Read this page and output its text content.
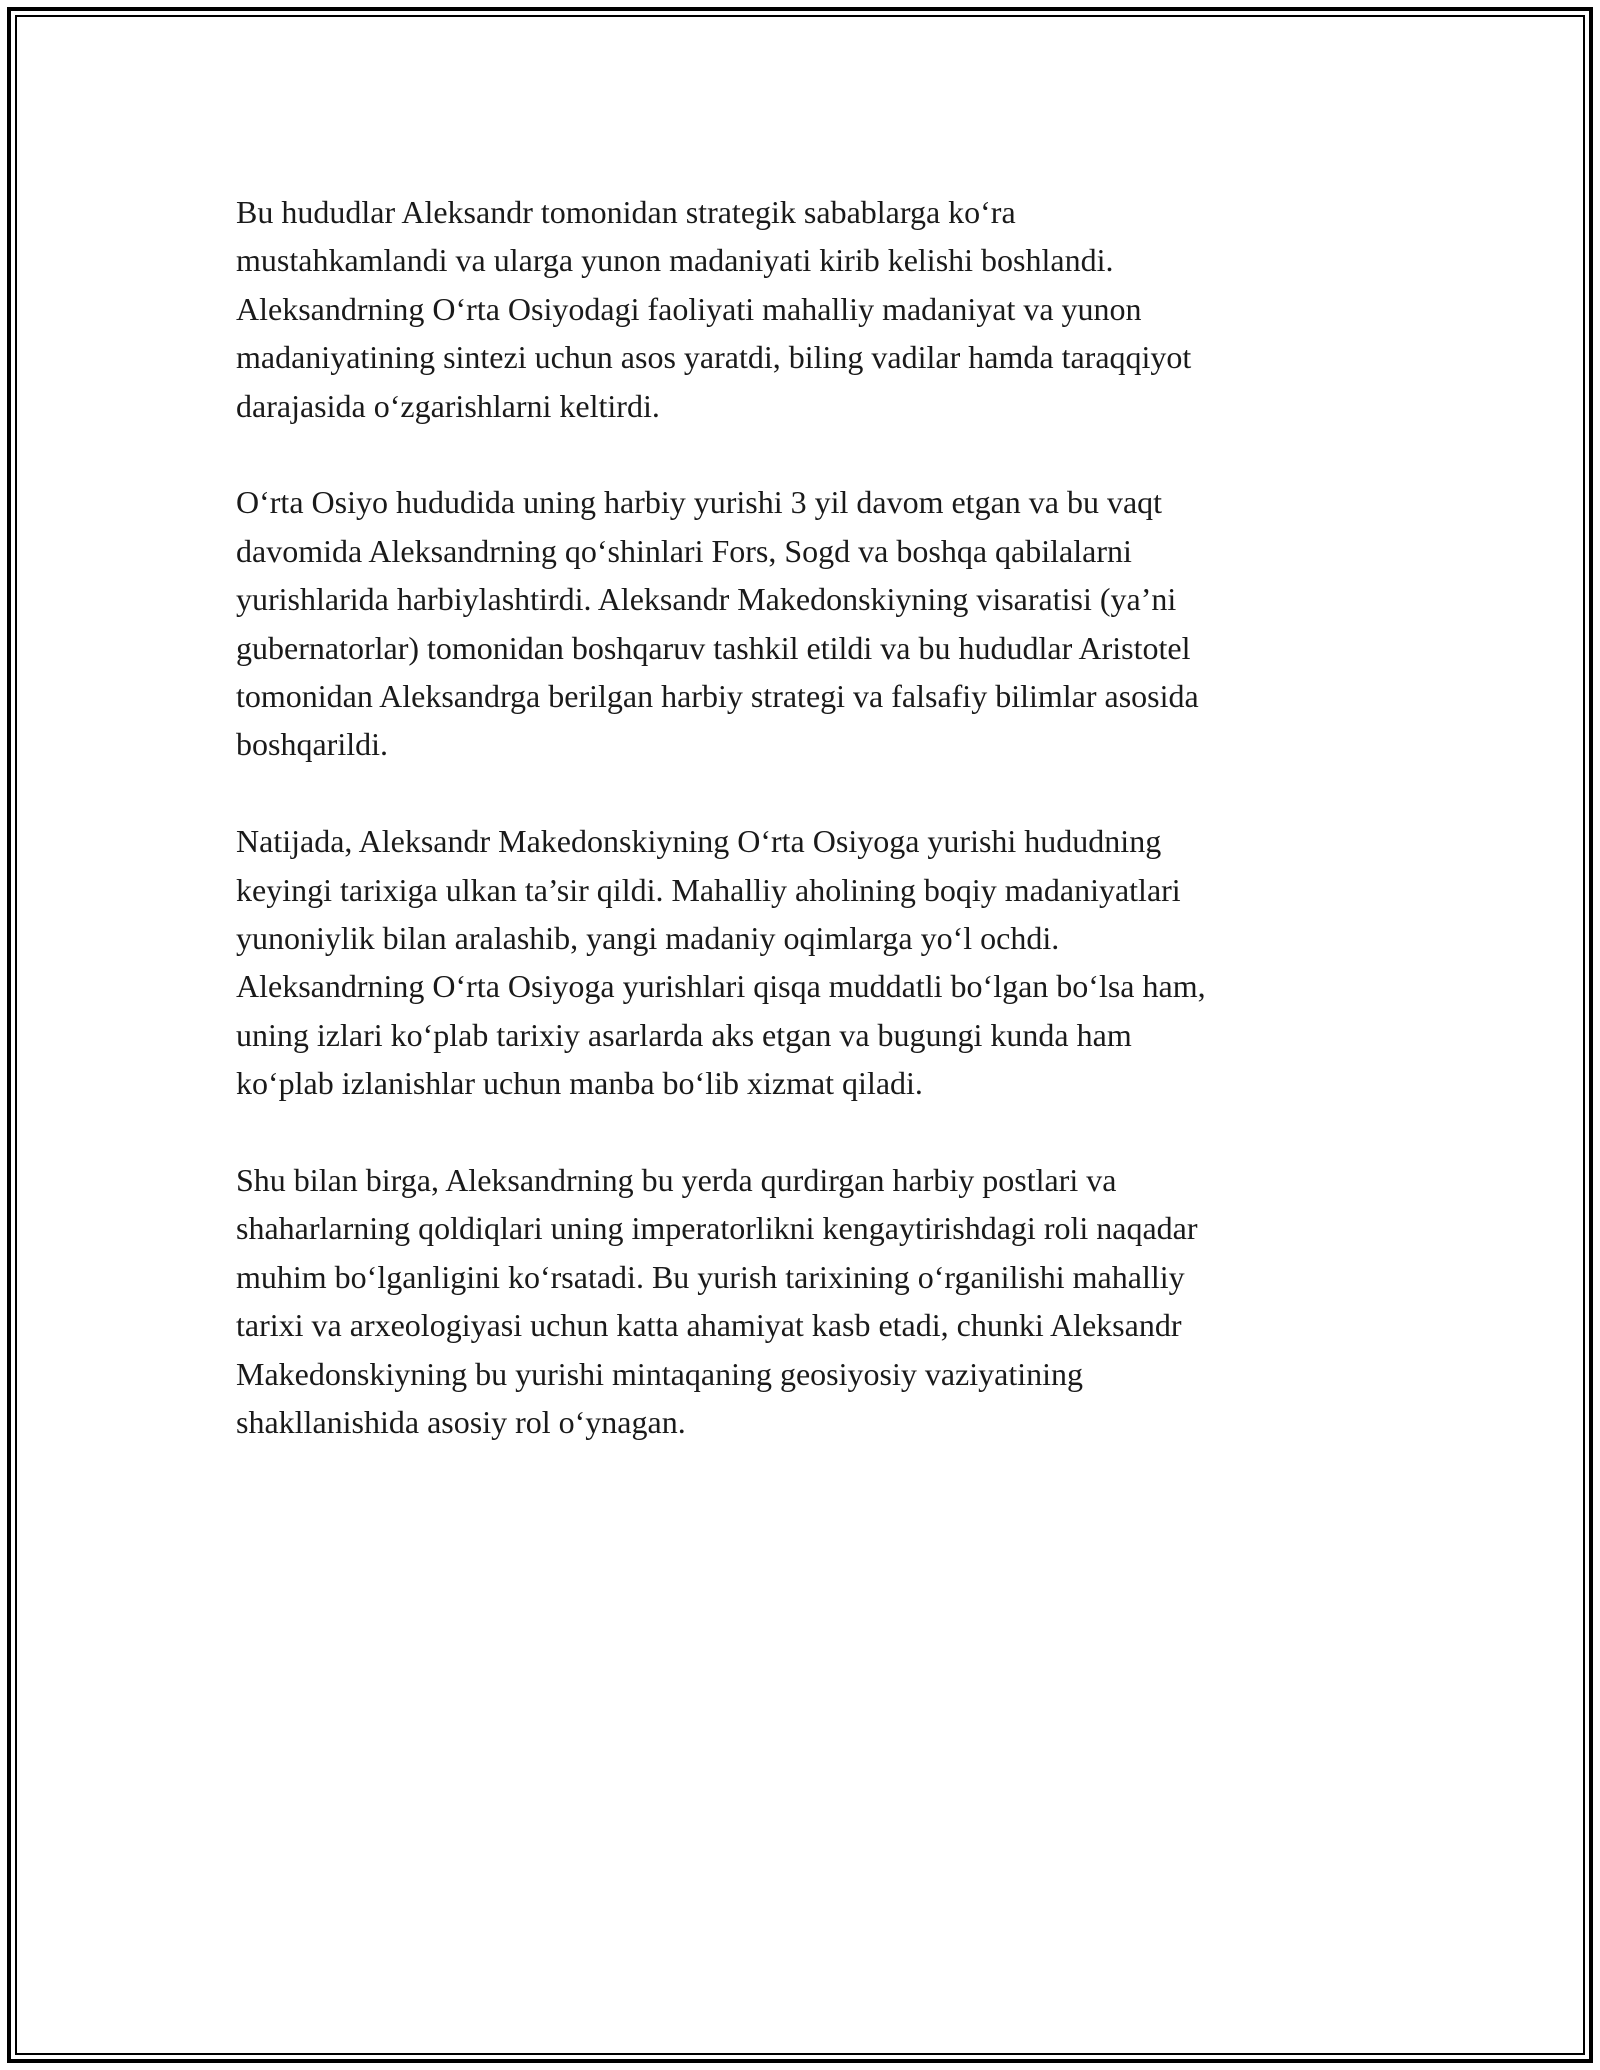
Bu hududlar Aleksandr tomonidan strategik sabablarga ko‘ra
mustahkamlandi va ularga yunon madaniyati kirib kelishi boshlandi.
Aleksandrning O‘rta Osiyodagi faoliyati mahalliy madaniyat va yunon
madaniyatining sintezi uchun asos yaratdi, biling vadilar hamda taraqqiyot
darajasida o‘zgarishlarni keltirdi.

O‘rta Osiyo hududida uning harbiy yurishi 3 yil davom etgan va bu vaqt
davomida Aleksandrning qo‘shinlari Fors, Sogd va boshqa qabilalarni
yurishlarida harbiylashtirdi. Aleksandr Makedonskiyning visaratisi (ya’ni
gubernatorlar) tomonidan boshqaruv tashkil etildi va bu hududlar Aristotel
tomonidan Aleksandrga berilgan harbiy strategi va falsafiy bilimlar asosida
boshqarildi.

Natijada, Aleksandr Makedonskiyning O‘rta Osiyoga yurishi hududning
keyingi tarixiga ulkan ta’sir qildi. Mahalliy aholining boqiy madaniyatlari
yunoniylik bilan aralashib, yangi madaniy oqimlarga yo‘l ochdi.
Aleksandrning O‘rta Osiyoga yurishlari qisqa muddatli bo‘lgan bo‘lsa ham,
uning izlari ko‘plab tarixiy asarlarda aks etgan va bugungi kunda ham
ko‘plab izlanishlar uchun manba bo‘lib xizmat qiladi.

Shu bilan birga, Aleksandrning bu yerda qurdirgan harbiy postlari va
shaharlarning qoldiqlari uning imperatorlikni kengaytirishdagi roli naqadar
muhim bo‘lganligini ko‘rsatadi. Bu yurish tarixining o‘rganilishi mahalliy
tarixi va arxeologiyasi uchun katta ahamiyat kasb etadi, chunki Aleksandr
Makedonskiyning bu yurishi mintaqaning geosiyosiy vaziyatining
shakllanishida asosiy rol o‘ynagan.
